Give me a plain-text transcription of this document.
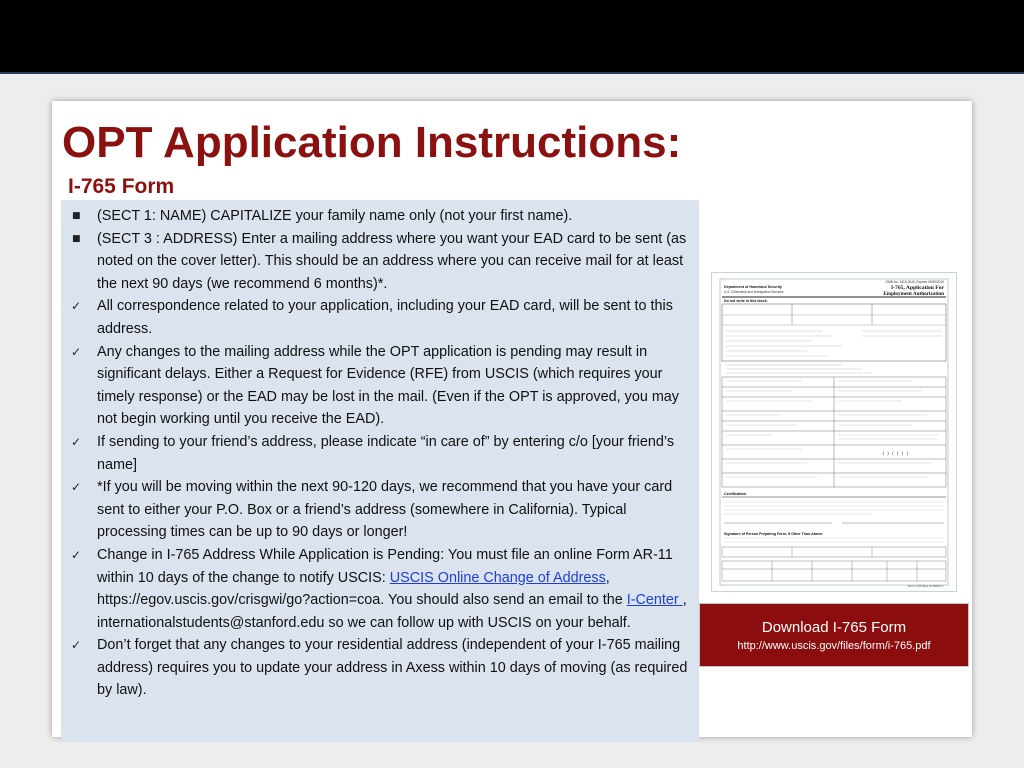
OPT Application Instructions:
I-765 Form
■	(SECT 1: NAME) CAPITALIZE your family name only (not your first name).
■	(SECT 3 : ADDRESS) Enter a mailing address where you want your EAD card to be sent (as noted on the cover letter). This should be an address where you can receive mail for at least the next 90 days (we recommend 6 months)*.
✓	All correspondence related to your application, including your EAD card, will be sent to this address.
✓	Any changes to the mailing address while the OPT application is pending may result in significant delays. Either a Request for Evidence (RFE) from USCIS (which requires your timely response) or the EAD may be lost in the mail. (Even if the OPT is approved, you may not begin working until you receive the EAD).
✓	If sending to your friend’s address, please indicate “in care of” by entering c/o [your friend’s name]
✓	*If you will be moving within the next 90-120 days, we recommend that you have your card sent to either your P.O. Box or a friend’s address (somewhere in California). Typical processing times can be up to 90 days or longer!
✓	Change in I-765 Address While Application is Pending: You must file an online Form AR-11 within 10 days of the change to notify USCIS: USCIS Online Change of Address, https://egov.uscis.gov/crisgwi/go?action=coa. You should also send an email to the I-Center , internationalstudents@stanford.edu so we can follow up with USCIS on your behalf.
✓	Don’t forget that any changes to your residential address (independent of your I-765 mailing address) requires you to update your address in Axess within 10 days of moving (as required by law).
OMB No. 1615-0040; Expires 09/30/2010
Department of Homeland Security
U.S. Citizenship and Immigration Services
I-765, Application For
Employment Authorization
Do not write in this block.
( ) ( ) ( )
Certification
Signature of Person Preparing Form, If Other Than Above:
Form I-765 (Rev. 07/30/07) Y
Download I-765 Form
http://www.uscis.gov/files/form/i-765.pdf
